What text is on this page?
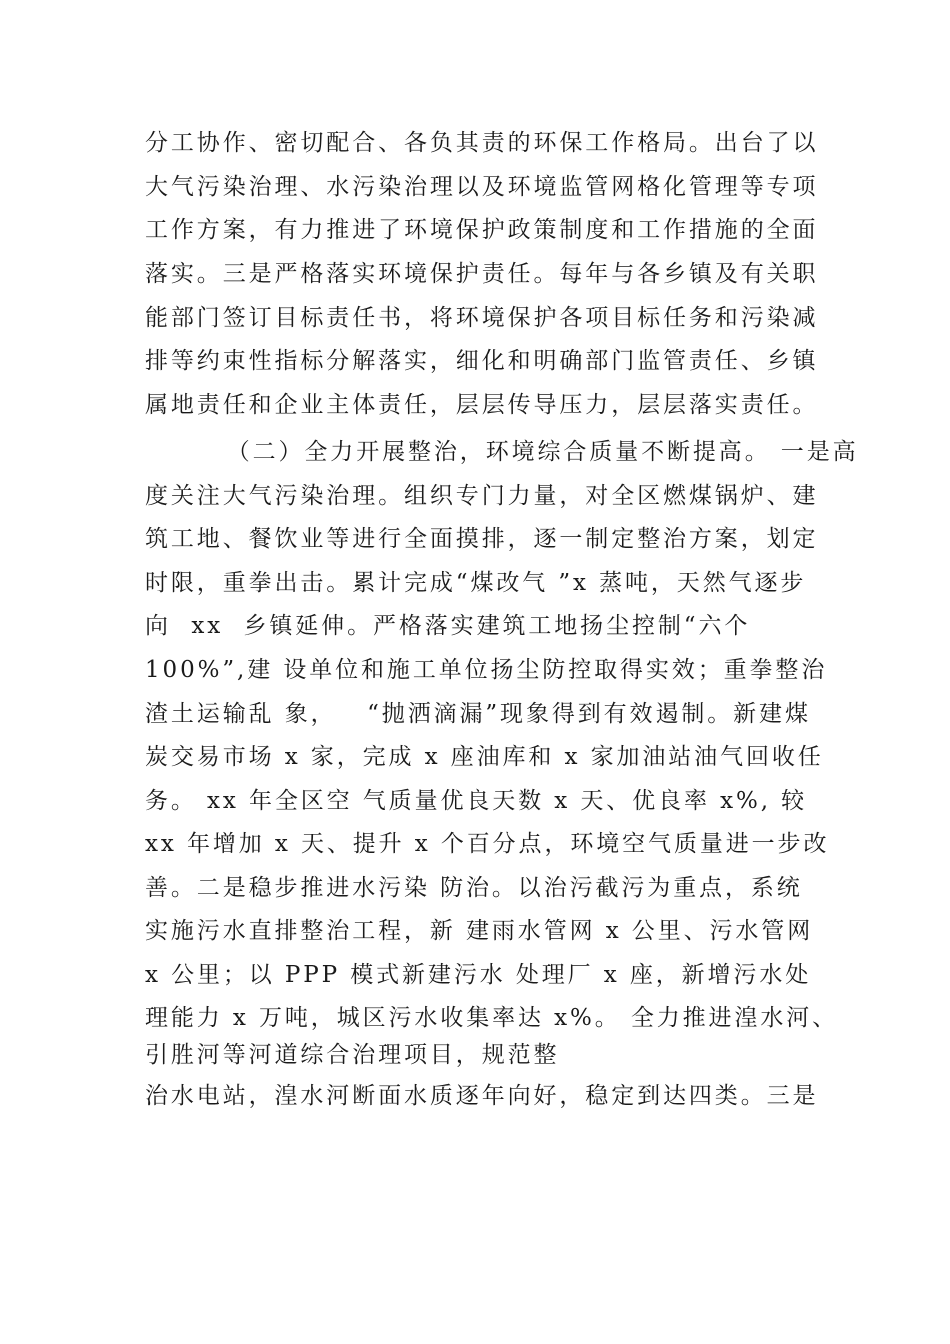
分工协作、密切配合、各负其责的环保工作格局。出台了以
大气污染治理、水污染治理以及环境监管网格化管理等专项
工作方案，有力推进了环境保护政策制度和工作措施的全面
落实。三是严格落实环境保护责任。每年与各乡镇及有关职
能部门签订目标责任书，将环境保护各项目标任务和污染减
排等约束性指标分解落实，细化和明确部门监管责任、乡镇
属地责任和企业主体责任，层层传导压力，层层落实责任。
（二）全力开展整治，环境综合质量不断提高。 一是高
度关注大气污染治理。组织专门力量，对全区燃煤锅炉、建
筑工地、餐饮业等进行全面摸排，逐一制定整治方案，划定
时限，重拳出击。累计完成“煤改气 ”x 蒸吨，天然气逐步
向  xx  乡镇延伸。严格落实建筑工地扬尘控制“六个
100%”,建 设单位和施工单位扬尘防控取得实效；重拳整治
渣土运输乱 象，   “抛洒滴漏”现象得到有效遏制。新建煤
炭交易市场 x 家，完成 x 座油库和 x 家加油站油气回收任
务。 xx 年全区空 气质量优良天数 x 天、优良率 x%, 较
xx 年增加 x 天、提升 x 个百分点，环境空气质量进一步改
善。二是稳步推进水污染 防治。以治污截污为重点，系统
实施污水直排整治工程，新 建雨水管网 x 公里、污水管网
x 公里；以 PPP 模式新建污水 处理厂 x 座，新增污水处
理能力 x 万吨，城区污水收集率达 x%。 全力推进湟水河、
引胜河等河道综合治理项目，规范整
治水电站，湟水河断面水质逐年向好，稳定到达四类。三是
